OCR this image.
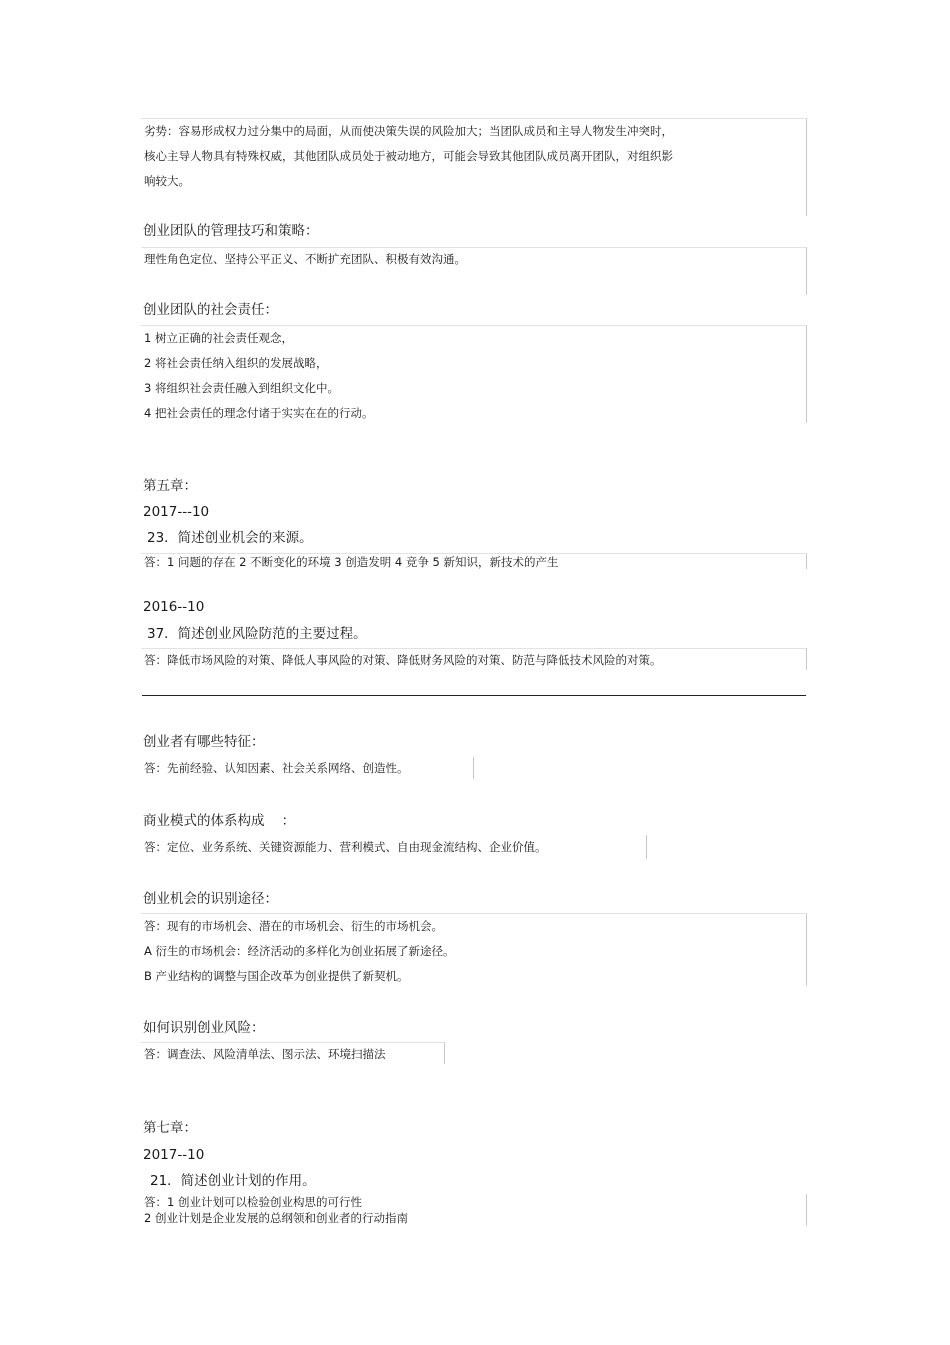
劣势：容易形成权力过分集中的局面，从而使决策失误的风险加大；当团队成员和主导人物发生冲突时，
核心主导人物具有特殊权威，其他团队成员处于被动地方，可能会导致其他团队成员离开团队，对组织影
响较大。
创业团队的管理技巧和策略：
理性角色定位、坚持公平正义、不断扩充团队、积极有效沟通。
创业团队的社会责任：
1 树立正确的社会责任观念，
2 将社会责任纳入组织的发展战略，
3 将组织社会责任融入到组织文化中。
4 把社会责任的理念付诸于实实在在的行动。
第五章：
2017---10
23．简述创业机会的来源。
答：1 问题的存在 2 不断变化的环境 3 创造发明 4 竞争 5 新知识，新技术的产生
2016--10
37．简述创业风险防范的主要过程。
答：降低市场风险的对策、降低人事风险的对策、降低财务风险的对策、防范与降低技术风险的对策。
创业者有哪些特征：
答：先前经验、认知因素、社会关系网络、创造性。
商业模式的体系构成    ：
答：定位、业务系统、关键资源能力、营利模式、自由现金流结构、企业价值。
创业机会的识别途径：
答：现有的市场机会、潜在的市场机会、衍生的市场机会。
A 衍生的市场机会：经济活动的多样化为创业拓展了新途径。
B 产业结构的调整与国企改革为创业提供了新契机。
如何识别创业风险：
答：调查法、风险清单法、图示法、环境扫描法
第七章：
2017--10
21．简述创业计划的作用。
答：1 创业计划可以检验创业构思的可行性
2 创业计划是企业发展的总纲领和创业者的行动指南
